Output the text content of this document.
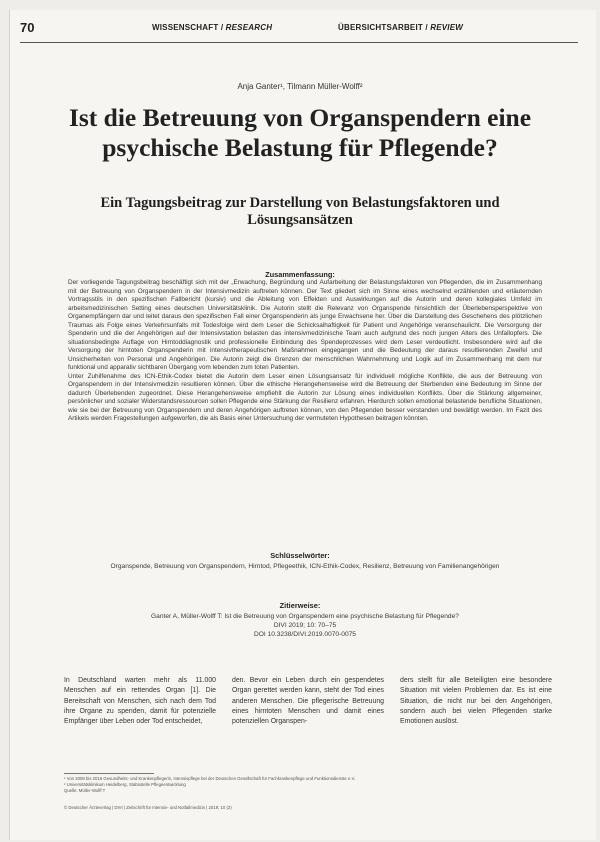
70	WISSENSCHAFT / RESEARCH	ÜBERSICHTSARBEIT / REVIEW
Anja Ganter¹, Tilmann Müller-Wolff²
Ist die Betreuung von Organspendern eine psychische Belastung für Pflegende?
Ein Tagungsbeitrag zur Darstellung von Belastungsfaktoren und Lösungsansätzen
Zusammenfassung:

Der vorliegende Tagungsbeitrag beschäftigt sich mit der „Erwachung, Begründung und Aufarbeitung der Belastungsfaktoren von Pflegenden, die im Zusammenhang mit der Betreuung von Organspendern in der Intensivmedizin auftreten können. Der Text gliedert sich im Sinne eines wechselnd erzählenden und erläuternden Vortragsstils in den spezifischen Fallbericht (kursiv) und die Ableitung von Effekten und Auswirkungen auf die Autorin und deren kollegiales Umfeld im arbeitsmedizinischen Setting eines deutschen Universitätsklinik. Die Autorin stellt die Relevanz von Organspende hinsichtlich der Überlebensperspektive von Organempfängern dar und leitet daraus den spezifischen Fall einer Organspenderin als junge Erwachsene her. Über die Darstellung des Geschehens des plötzlichen Traumas als Folge eines Verkehrsunfalls mit Todesfolge wird dem Leser die Schicksalhaftigkeit für Patient und Angehörige veranschaulicht. Die Versorgung der Spenderin und die der Angehörigen auf der Intensivstation belasten das intensivmedizinische Team auch aufgrund des noch jungen Alters des Unfallopfers. Die situationsbedingte Auflage von Hirntoddiagnostik und professionelle Einbindung des Spendeprozesses wird dem Leser verdeutlicht. Insbesondere wird auf die Versorgung der hirntoten Organspenderin mit intensivtherapeutischen Maßnahmen eingegangen und die Bedeutung der daraus resultierenden Zweifel und Unsicherheiten von Personal und Angehörigen. Die Autorin zeigt die Grenzen der menschlichen Wahrnehmung und Logik auf im Zusammenhang mit dem nur funktional und apparativ sichtbaren Übergang vom lebenden zum toten Patienten.

Unter Zuhilfenahme des ICN-Ethik-Codex bietet die Autorin dem Leser einen Lösungsansatz für individuell mögliche Konflikte, die aus der Betreuung von Organspendern in der Intensivmedizin resultieren können. Über die ethische Herangehensweise wird die Betreuung der Sterbenden eine Bedeutung im Sinne der dadurch Überlebenden zugeordnet. Diese Herangehensweise empfiehlt die Autorin zur Lösung eines individuellen Konflikts. Über die Stärkung allgemeiner, persönlicher und sozialer Widerstandsressourcen sollen Pflegende eine Stärkung der Resilienz erfahren. Hierdurch sollen emotional belastende berufliche Situationen, wie sie bei der Betreuung von Organspendern und deren Angehörigen auftreten können, von den Pflegenden besser verstanden und bewältigt werden. Im Fazit des Artikels werden Fragestellungen aufgeworfen, die als Basis einer Untersuchung der vermuteten Hypothesen beitragen könnten.

Schlüsselwörter:
Organspende, Betreuung von Organspendern, Hirntod, Pflegeethik, ICN-Ethik-Codex, Resilienz, Betreuung von Familienangehörigen
Zitierweise:
Ganter A, Müller-Wolff T: Ist die Betreuung von Organspendern eine psychische Belastung für Pflegende?
DIVI 2019; 10: 70–75
DOI 10.3238/DIVI.2019.0070-0075

In Deutschland warten mehr als 11.000 Menschen auf ein rettendes Organ [1]. Die Bereitschaft von Menschen, sich nach dem Tod ihre Organe zu spenden, damit für potenzielle Empfänger über Leben oder Tod entscheidet,

den. Bevor ein Leben durch ein gespendetes Organ gerettet werden kann, steht der Tod eines anderen Menschen. Die pflegerische Betreuung eines hirntoten Menschen und damit eines potenziellen Organspen-

ders stellt für alle Beteiligten eine besondere Situation mit vielen Problemen dar. Es ist eine Situation, die nicht nur bei den Angehörigen, sondern auch bei vielen Pflegenden starke Emotionen auslöst.

¹ Von 2008 bis 2016 Gesundheits- und Krankenpflegerin, Intensivpflege bei der Deutschen Gesellschaft für Fachkrankenpflege und Funktionsdienste e.V.
² Universitätsklinikum Heidelberg, Stabsstelle Pflegeentwicklung
Quelle: Müller-Wolff T
© Deutscher Ärzteverlag | DIVI | Zeitschrift für Intensiv- und Notfallmedizin | 2019; 10 (2)
